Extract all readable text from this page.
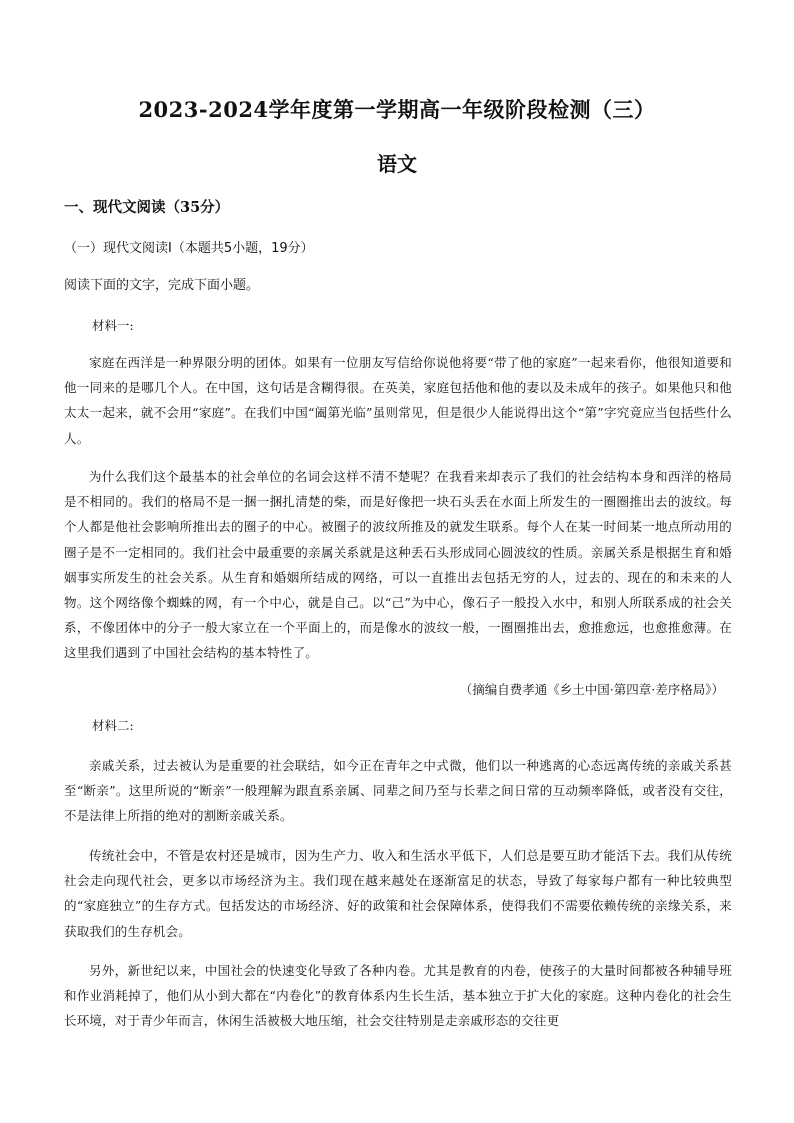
2023-2024学年度第一学期高一年级阶段检测（三）
语文
一、现代文阅读（35分）
（一）现代文阅读Ⅰ（本题共5小题，19分）
阅读下面的文字，完成下面小题。
材料一:
家庭在西洋是一种界限分明的团体。如果有一位朋友写信给你说他将要“带了他的家庭”一起来看你，他很知道要和他一同来的是哪几个人。在中国，这句话是含糊得很。在英美，家庭包括他和他的妻以及未成年的孩子。如果他只和他太太一起来，就不会用“家庭”。在我们中国“阖第光临”虽则常见，但是很少人能说得出这个“第”字究竟应当包括些什么人。
为什么我们这个最基本的社会单位的名词会这样不清不楚呢？在我看来却表示了我们的社会结构本身和西洋的格局是不相同的。我们的格局不是一捆一捆扎清楚的柴，而是好像把一块石头丢在水面上所发生的一圈圈推出去的波纹。每个人都是他社会影响所推出去的圈子的中心。被圈子的波纹所推及的就发生联系。每个人在某一时间某一地点所动用的圈子是不一定相同的。我们社会中最重要的亲属关系就是这种丢石头形成同心圆波纹的性质。亲属关系是根据生育和婚姻事实所发生的社会关系。从生育和婚姻所结成的网络，可以一直推出去包括无穷的人，过去的、现在的和未来的人物。这个网络像个蜘蛛的网，有一个中心，就是自己。以“己”为中心，像石子一般投入水中，和别人所联系成的社会关系，不像团体中的分子一般大家立在一个平面上的，而是像水的波纹一般，一圈圈推出去，愈推愈远，也愈推愈薄。在这里我们遇到了中国社会结构的基本特性了。
（摘编自费孝通《乡土中国·第四章·差序格局》）
材料二:
亲戚关系，过去被认为是重要的社会联结，如今正在青年之中式微，他们以一种逃离的心态远离传统的亲戚关系甚至“断亲”。这里所说的“断亲”一般理解为跟直系亲属、同辈之间乃至与长辈之间日常的互动频率降低，或者没有交往，不是法律上所指的绝对的割断亲戚关系。
传统社会中，不管是农村还是城市，因为生产力、收入和生活水平低下，人们总是要互助才能活下去。我们从传统社会走向现代社会，更多以市场经济为主。我们现在越来越处在逐渐富足的状态，导致了每家每户都有一种比较典型的“家庭独立”的生存方式。包括发达的市场经济、好的政策和社会保障体系，使得我们不需要依赖传统的亲缘关系，来获取我们的生存机会。
另外，新世纪以来，中国社会的快速变化导致了各种内卷。尤其是教育的内卷，使孩子的大量时间都被各种辅导班和作业消耗掉了，他们从小到大都在“内卷化”的教育体系内生长生活，基本独立于扩大化的家庭。这种内卷化的社会生长环境，对于青少年而言，休闲生活被极大地压缩，社会交往特别是走亲戚形态的交往更
